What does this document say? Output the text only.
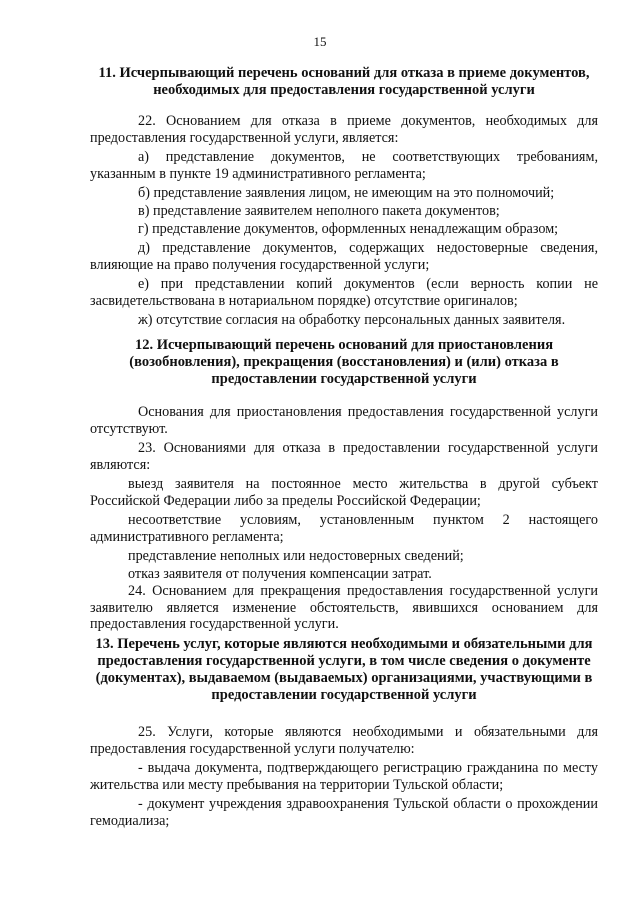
15

11. Исчерпывающий перечень оснований для отказа в приеме документов, необходимых для предоставления государственной услуги

22. Основанием для отказа в приеме документов, необходимых для предоставления государственной услуги, является:

а) представление документов, не соответствующих требованиям, указанным в пункте 19 административного регламента;

б) представление заявления лицом, не имеющим на это полномочий;

в) представление заявителем неполного пакета документов;

г) представление документов, оформленных ненадлежащим образом;

д) представление документов, содержащих недостоверные сведения, влияющие на право получения государственной услуги;

е) при представлении копий документов (если верность копии не засвидетельствована в нотариальном порядке) отсутствие оригиналов;

ж) отсутствие согласия на обработку персональных данных заявителя.

12. Исчерпывающий перечень оснований для приостановления (возобновления), прекращения (восстановления) и (или) отказа в предоставлении государственной услуги

Основания для приостановления предоставления государственной услуги отсутствуют.

23. Основаниями для отказа в предоставлении государственной услуги являются:

выезд заявителя на постоянное место жительства в другой субъект Российской Федерации либо за пределы Российской Федерации;

несоответствие условиям, установленным пунктом 2 настоящего административного регламента;

представление неполных или недостоверных сведений;

отказ заявителя от получения компенсации затрат.

24. Основанием для прекращения предоставления государственной услуги заявителю является изменение обстоятельств, явившихся основанием для предоставления государственной услуги.

13. Перечень услуг, которые являются необходимыми и обязательными для предоставления государственной услуги, в том числе сведения о документе (документах), выдаваемом (выдаваемых) организациями, участвующими в предоставлении государственной услуги

25. Услуги, которые являются необходимыми и обязательными для предоставления государственной услуги получателю:

- выдача документа, подтверждающего регистрацию гражданина по месту жительства или месту пребывания на территории Тульской области;

- документ учреждения здравоохранения Тульской области о прохождении гемодиализа;
